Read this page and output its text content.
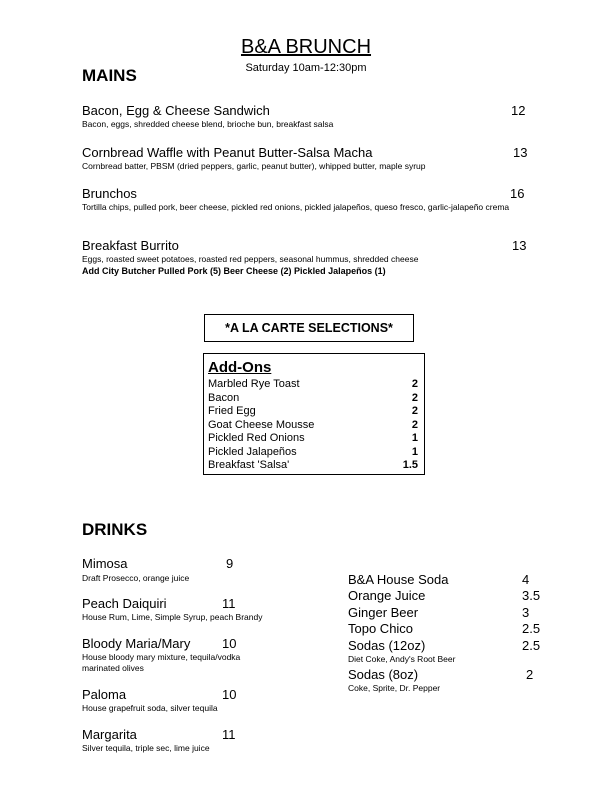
B&A BRUNCH
Saturday 10am-12:30pm
MAINS
Bacon, Egg & Cheese Sandwich	12
Bacon, eggs, shredded cheese blend, brioche bun, breakfast salsa
Cornbread Waffle with Peanut Butter-Salsa Macha	13
Cornbread batter, PBSM (dried peppers, garlic, peanut butter), whipped butter, maple syrup
Brunchos	16
Tortilla chips, pulled pork, beer cheese, pickled red onions, pickled jalapeños, queso fresco, garlic-jalapeño crema
Breakfast Burrito	13
Eggs, roasted sweet potatoes, roasted red peppers, seasonal hummus, shredded cheese
Add City Butcher Pulled Pork (5) Beer Cheese (2) Pickled Jalapeños (1)
*A LA CARTE SELECTIONS*
Add-Ons
Marbled Rye Toast	2
Bacon	2
Fried Egg	2
Goat Cheese Mousse	2
Pickled Red Onions	1
Pickled Jalapeños	1
Breakfast 'Salsa'	1.5
DRINKS
Mimosa	9
Draft Prosecco, orange juice
Peach Daiquiri	11
House Rum, Lime, Simple Syrup, peach Brandy
Bloody Maria/Mary 10
House bloody mary mixture, tequila/vodka
marinated olives
Paloma	10
House grapefruit soda, silver tequila
Margarita	11
Silver tequila, triple sec, lime juice
B&A House Soda	4
Orange Juice	3.5
Ginger Beer	3
Topo Chico	2.5
Sodas (12oz)	2.5
Diet Coke, Andy's Root Beer
Sodas (8oz)	2
Coke, Sprite, Dr. Pepper
